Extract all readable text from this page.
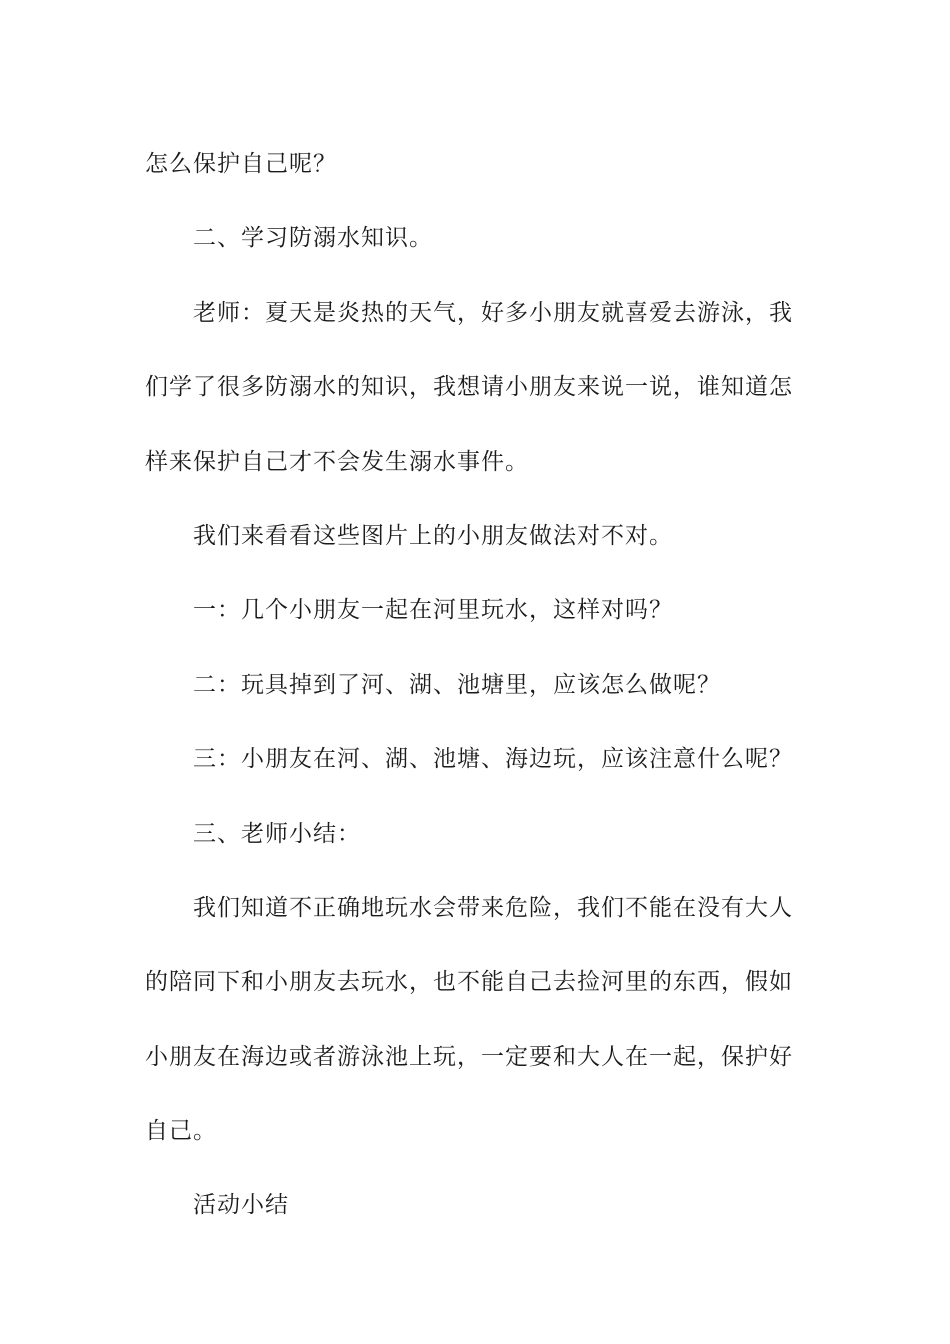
怎么保护自己呢？
二、学习防溺水知识。
老师：夏天是炎热的天气，好多小朋友就喜爱去游泳，我
们学了很多防溺水的知识，我想请小朋友来说一说，谁知道怎
样来保护自己才不会发生溺水事件。
我们来看看这些图片上的小朋友做法对不对。
一：几个小朋友一起在河里玩水，这样对吗？
二：玩具掉到了河、湖、池塘里，应该怎么做呢？
三：小朋友在河、湖、池塘、海边玩，应该注意什么呢？
三、老师小结：
我们知道不正确地玩水会带来危险，我们不能在没有大人
的陪同下和小朋友去玩水，也不能自己去捡河里的东西，假如
小朋友在海边或者游泳池上玩，一定要和大人在一起，保护好
自己。
活动小结
